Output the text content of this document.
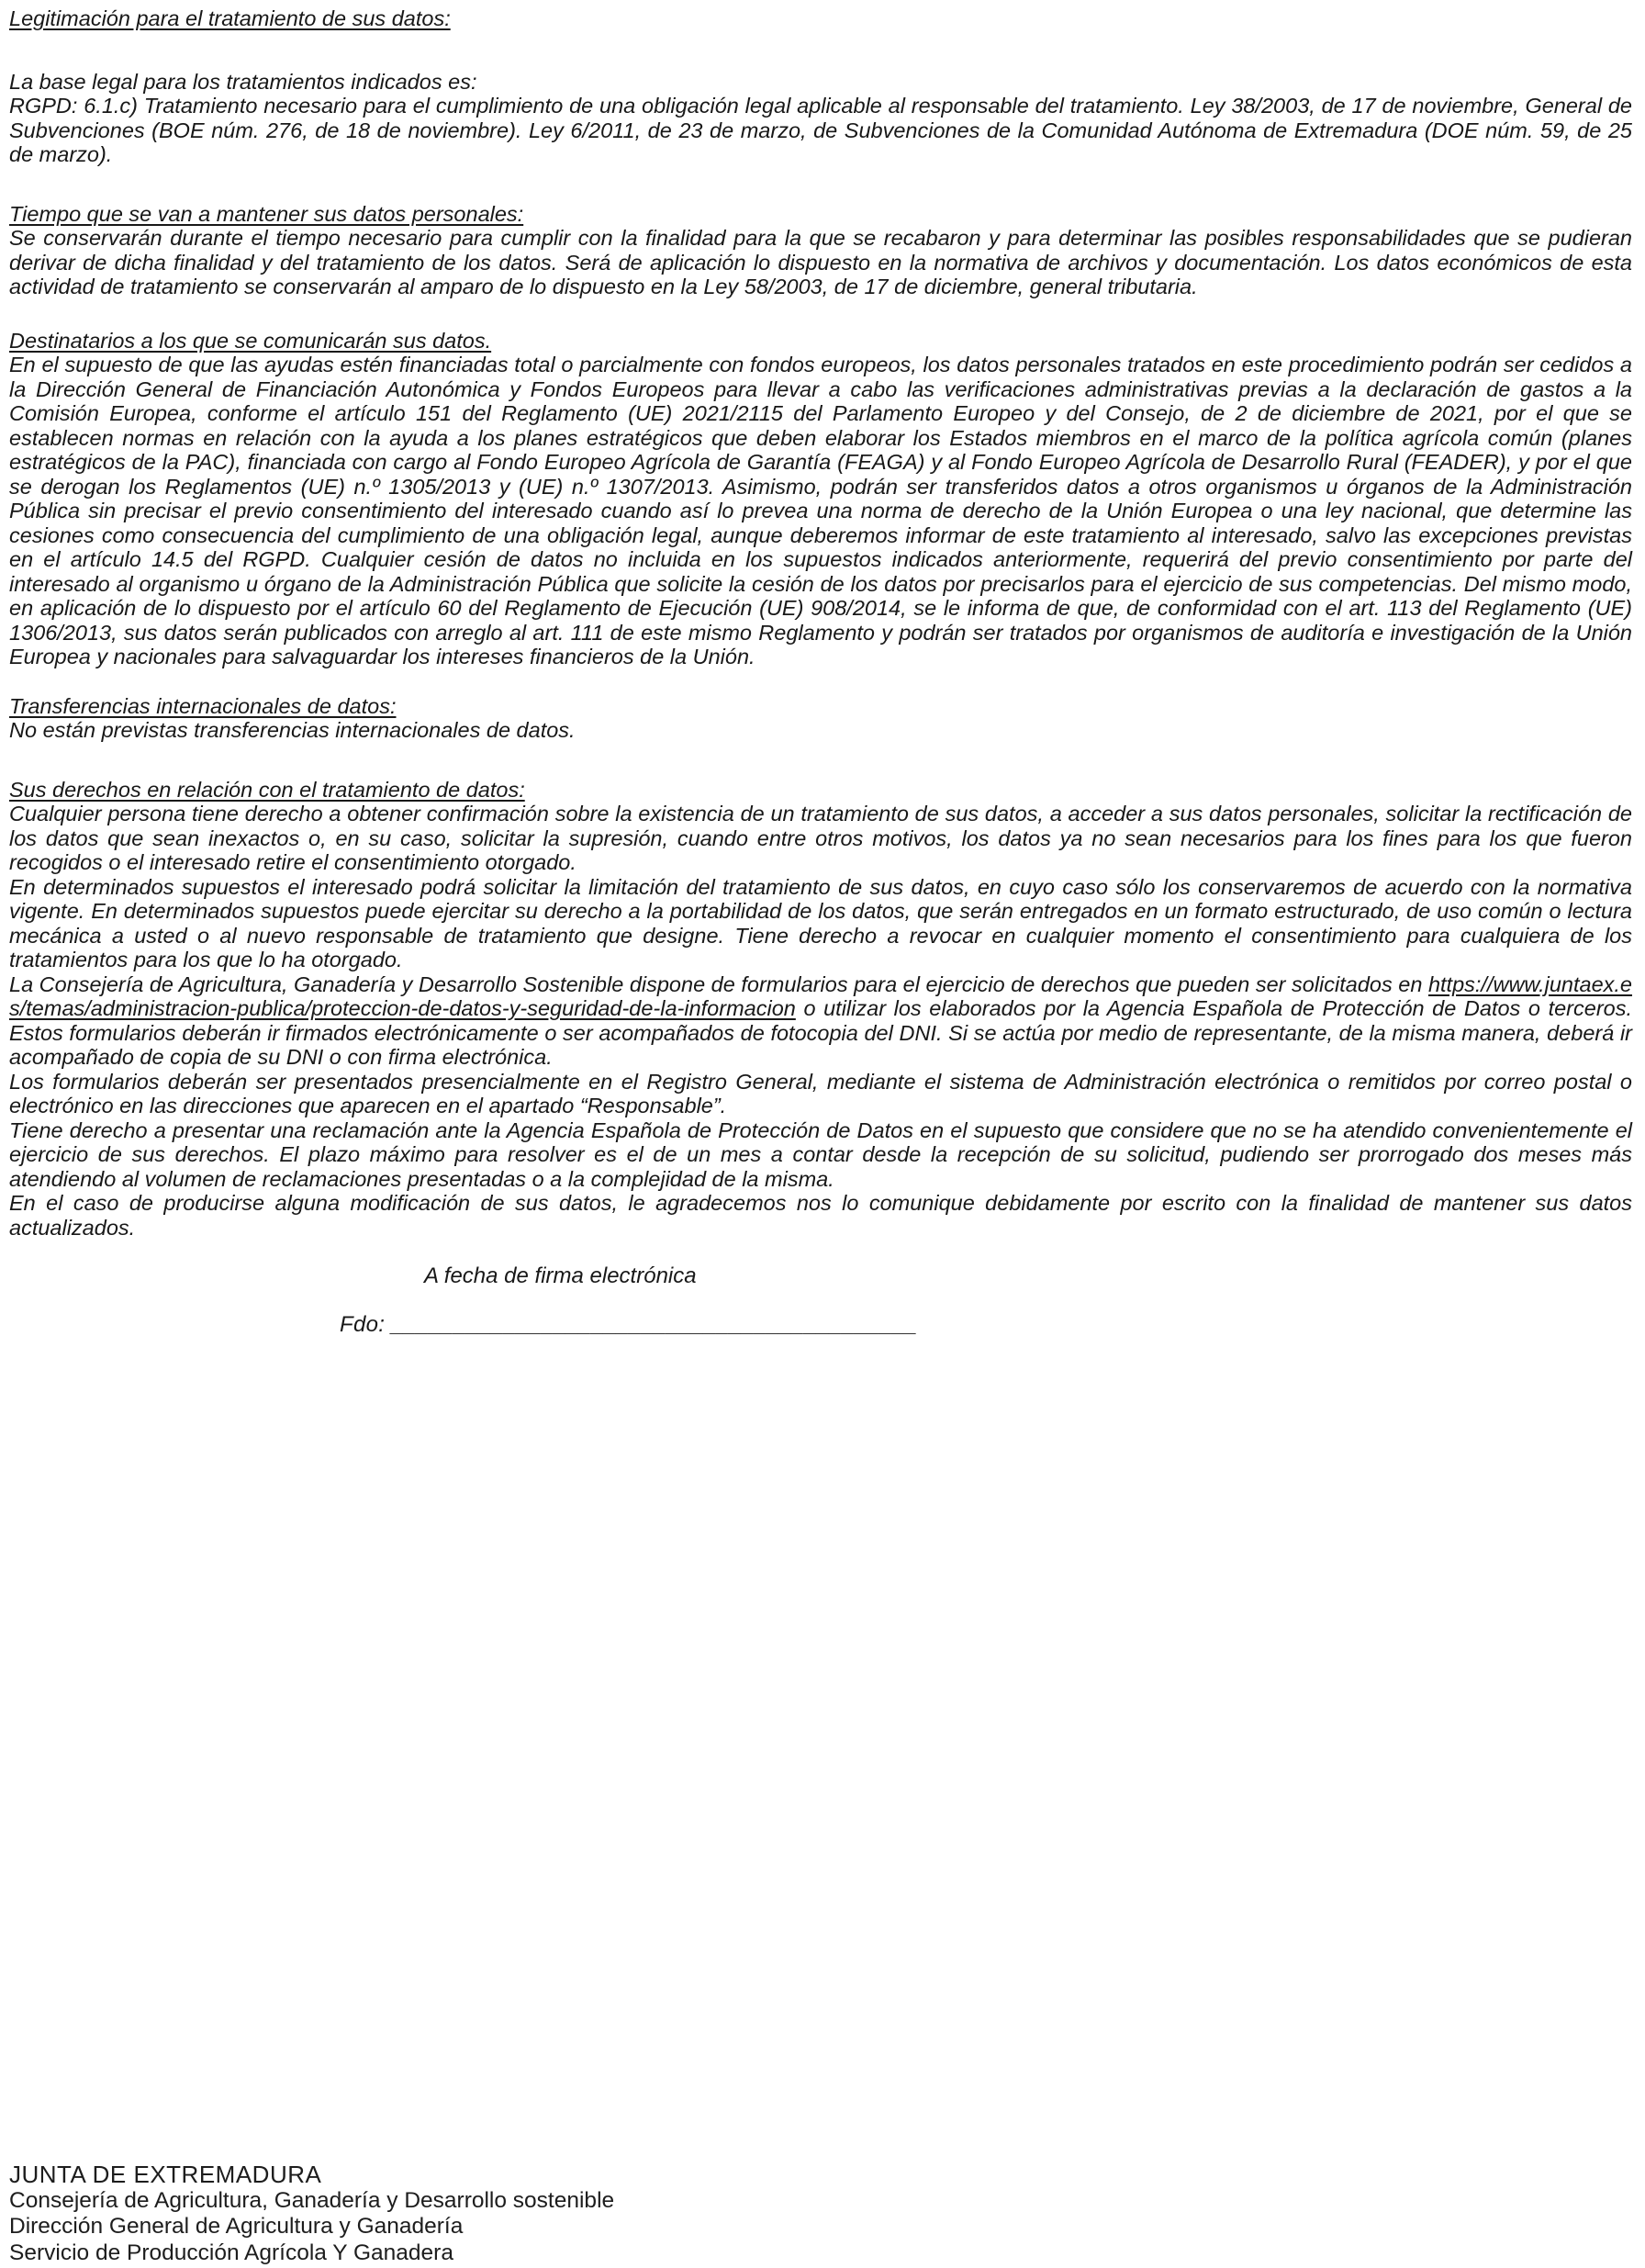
Legitimación para el tratamiento de sus datos:

La base legal para los tratamientos indicados es:

RGPD: 6.1.c) Tratamiento necesario para el cumplimiento de una obligación legal aplicable al responsable del tratamiento. Ley 38/2003, de 17 de noviembre, General de Subvenciones (BOE núm. 276, de 18 de noviembre). Ley 6/2011, de 23 de marzo, de Subvenciones de la Comunidad Autónoma de Extremadura (DOE núm. 59, de 25 de marzo).

Tiempo que se van a mantener sus datos personales:

Se conservarán durante el tiempo necesario para cumplir con la finalidad para la que se recabaron y para determinar las posibles responsabilidades que se pudieran derivar de dicha finalidad y del tratamiento de los datos. Será de aplicación lo dispuesto en la normativa de archivos y documentación. Los datos económicos de esta actividad de tratamiento se conservarán al amparo de lo dispuesto en la Ley 58/2003, de 17 de diciembre, general tributaria.

Destinatarios a los que se comunicarán sus datos.

En el supuesto de que las ayudas estén financiadas total o parcialmente con fondos europeos, los datos personales tratados en este procedimiento podrán ser cedidos a la Dirección General de Financiación Autonómica y Fondos Europeos para llevar a cabo las verificaciones administrativas previas a la declaración de gastos a la Comisión Europea, conforme el artículo 151 del Reglamento (UE) 2021/2115 del Parlamento Europeo y del Consejo, de 2 de diciembre de 2021, por el que se establecen normas en relación con la ayuda a los planes estratégicos que deben elaborar los Estados miembros en el marco de la política agrícola común (planes estratégicos de la PAC), financiada con cargo al Fondo Europeo Agrícola de Garantía (FEAGA) y al Fondo Europeo Agrícola de Desarrollo Rural (FEADER), y por el que se derogan los Reglamentos (UE) n.º 1305/2013 y (UE) n.º 1307/2013. Asimismo, podrán ser transferidos datos a otros organismos u órganos de la Administración Pública sin precisar el previo consentimiento del interesado cuando así lo prevea una norma de derecho de la Unión Europea o una ley nacional, que determine las cesiones como consecuencia del cumplimiento de una obligación legal, aunque deberemos informar de este tratamiento al interesado, salvo las excepciones previstas en el artículo 14.5 del RGPD. Cualquier cesión de datos no incluida en los supuestos indicados anteriormente, requerirá del previo consentimiento por parte del interesado al organismo u órgano de la Administración Pública que solicite la cesión de los datos por precisarlos para el ejercicio de sus competencias. Del mismo modo, en aplicación de lo dispuesto por el artículo 60 del Reglamento de Ejecución (UE) 908/2014, se le informa de que, de conformidad con el art. 113 del Reglamento (UE) 1306/2013, sus datos serán publicados con arreglo al art. 111 de este mismo Reglamento y podrán ser tratados por organismos de auditoría e investigación de la Unión Europea y nacionales para salvaguardar los intereses financieros de la Unión.

Transferencias internacionales de datos:

No están previstas transferencias internacionales de datos.

Sus derechos en relación con el tratamiento de datos:

Cualquier persona tiene derecho a obtener confirmación sobre la existencia de un tratamiento de sus datos, a acceder a sus datos personales, solicitar la rectificación de los datos que sean inexactos o, en su caso, solicitar la supresión, cuando entre otros motivos, los datos ya no sean necesarios para los fines para los que fueron recogidos o el interesado retire el consentimiento otorgado.

En determinados supuestos el interesado podrá solicitar la limitación del tratamiento de sus datos, en cuyo caso sólo los conservaremos de acuerdo con la normativa vigente. En determinados supuestos puede ejercitar su derecho a la portabilidad de los datos, que serán entregados en un formato estructurado, de uso común o lectura mecánica a usted o al nuevo responsable de tratamiento que designe. Tiene derecho a revocar en cualquier momento el consentimiento para cualquiera de los tratamientos para los que lo ha otorgado.

La Consejería de Agricultura, Ganadería y Desarrollo Sostenible dispone de formularios para el ejercicio de derechos que pueden ser solicitados en https://www.juntaex.es/temas/administracion-publica/proteccion-de-datos-y-seguridad-de-la-informacion o utilizar los elaborados por la Agencia Española de Protección de Datos o terceros. Estos formularios deberán ir firmados electrónicamente o ser acompañados de fotocopia del DNI. Si se actúa por medio de representante, de la misma manera, deberá ir acompañado de copia de su DNI o con firma electrónica.

Los formularios deberán ser presentados presencialmente en el Registro General, mediante el sistema de Administración electrónica o remitidos por correo postal o electrónico en las direcciones que aparecen en el apartado “Responsable”.

Tiene derecho a presentar una reclamación ante la Agencia Española de Protección de Datos en el supuesto que considere que no se ha atendido convenientemente el ejercicio de sus derechos. El plazo máximo para resolver es el de un mes a contar desde la recepción de su solicitud, pudiendo ser prorrogado dos meses más atendiendo al volumen de reclamaciones presentadas o a la complejidad de la misma.

En el caso de producirse alguna modificación de sus datos, le agradecemos nos lo comunique debidamente por escrito con la finalidad de mantener sus datos actualizados.

A fecha de firma electrónica
Fdo: __________________________________________
JUNTA DE EXTREMADURA
Consejería de Agricultura, Ganadería y Desarrollo sostenible
Dirección General de Agricultura y Ganadería
Servicio de Producción Agrícola Y Ganadera
